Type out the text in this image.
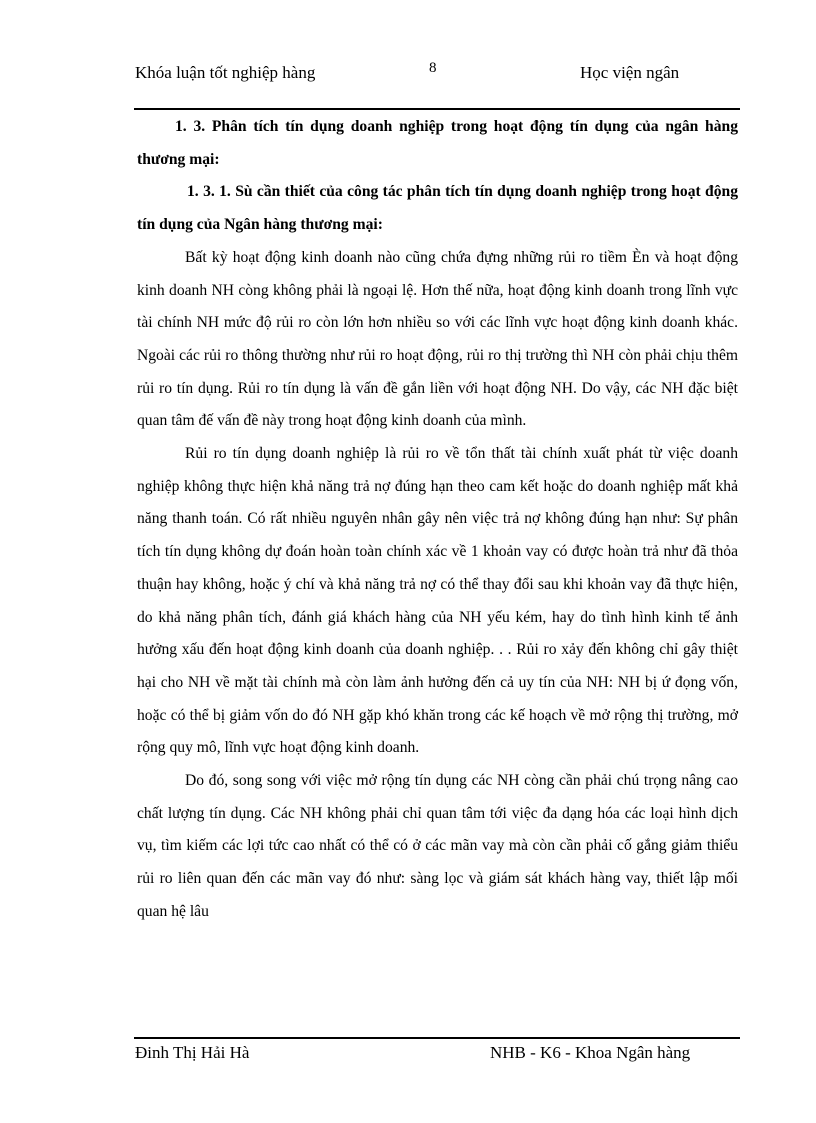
Khóa luận tốt nghiệp hàng	8	Học viện ngân

1. 3. Phân tích tín dụng doanh nghiệp trong hoạt động tín dụng của ngân hàng thương mại:

1. 3. 1. Sù cần thiết của công tác phân tích tín dụng doanh nghiệp trong hoạt động tín dụng của Ngân hàng thương mại:

Bất kỳ hoạt động kinh doanh nào cũng chứa đựng những rủi ro tiềm Èn và hoạt động kinh doanh NH còng không phải là ngoại lệ. Hơn thế nữa, hoạt động kinh doanh trong lĩnh vực tài chính NH mức độ rủi ro còn lớn hơn nhiều so với các lĩnh vực hoạt động kinh doanh khác. Ngoài các rủi ro thông thường như rủi ro hoạt động, rủi ro thị trường thì NH còn phải chịu thêm rủi ro tín dụng. Rủi ro tín dụng là vấn đề gắn liền với hoạt động NH. Do vậy, các NH đặc biệt quan tâm đế vấn đề này trong hoạt động kinh doanh của mình.

Rủi ro tín dụng doanh nghiệp là rủi ro về tổn thất tài chính xuất phát từ việc doanh nghiệp không thực hiện khả năng trả nợ đúng hạn theo cam kết hoặc do doanh nghiệp mất khả năng thanh toán. Có rất nhiều nguyên nhân gây nên việc trả nợ không đúng hạn như: Sự phân tích tín dụng không dự đoán hoàn toàn chính xác về 1 khoản vay có được hoàn trả như đã thỏa thuận hay không, hoặc ý chí và khả năng trả nợ có thể thay đổi sau khi khoản vay đã thực hiện, do khả năng phân tích, đánh giá khách hàng của NH yếu kém, hay do tình hình kinh tế ảnh hưởng xấu đến hoạt động kinh doanh của doanh nghiệp. . . Rủi ro xảy đến không chỉ gây thiệt hại cho NH về mặt tài chính mà còn làm ảnh hưởng đến cả uy tín của NH: NH bị ứ đọng vốn, hoặc có thể bị giảm vốn do đó NH gặp khó khăn trong các kế hoạch về mở rộng thị trường, mở rộng quy mô, lĩnh vực hoạt động kinh doanh.

Do đó, song song với việc mở rộng tín dụng các NH còng cần phải chú trọng nâng cao chất lượng tín dụng. Các NH không phải chỉ quan tâm tới việc đa dạng hóa các loại hình dịch vụ, tìm kiếm các lợi tức cao nhất có thể có ở các mãn vay mà còn cần phải cố gắng giảm thiểu rủi ro liên quan đến các mãn vay đó như: sàng lọc và giám sát khách hàng vay, thiết lập mối quan hệ lâu

Đinh Thị Hải Hà	NHB - K6 - Khoa Ngân hàng
